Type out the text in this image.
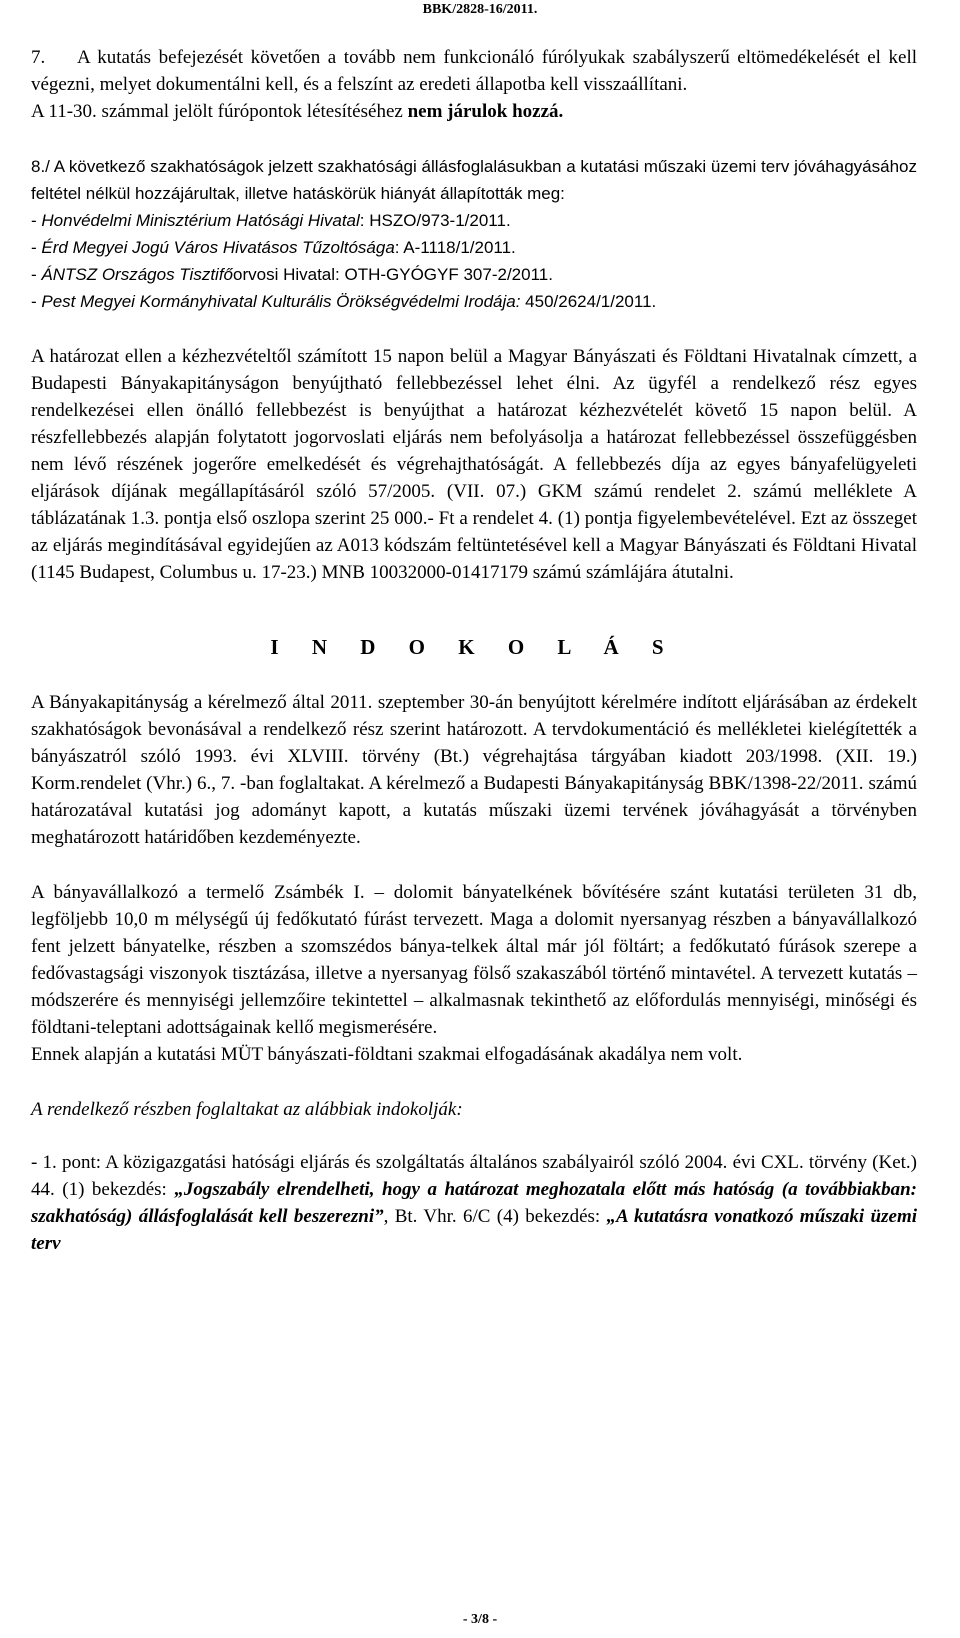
BBK/2828-16/2011.

7. A kutatás befejezését követően a tovább nem funkcionáló fúrólyukak szabályszerű eltömedékelését el kell végezni, melyet dokumentálni kell, és a felszínt az eredeti állapotba kell visszaállítani.

A 11-30. számmal jelölt fúrópontok létesítéséhez nem járulok hozzá.

8./ A következő szakhatóságok jelzett szakhatósági állásfoglalásukban a kutatási műszaki üzemi terv jóváhagyásához feltétel nélkül hozzájárultak, illetve hatáskörük hiányát állapították meg:

- Honvédelmi Minisztérium Hatósági Hivatal: HSZO/973-1/2011.

- Érd Megyei Jogú Város Hivatásos Tűzoltósága: A-1118/1/2011.

- ÁNTSZ Országos Tisztifőorvosi Hivatal: OTH-GYÓGYF 307-2/2011.

- Pest Megyei Kormányhivatal Kulturális Örökségvédelmi Irodája: 450/2624/1/2011.

A határozat ellen a kézhezvételtől számított 15 napon belül a Magyar Bányászati és Földtani Hivatalnak címzett, a Budapesti Bányakapitányságon benyújtható fellebbezéssel lehet élni. Az ügyfél a rendelkező rész egyes rendelkezései ellen önálló fellebbezést is benyújthat a határozat kézhezvételét követő 15 napon belül. A részfellebbezés alapján folytatott jogorvoslati eljárás nem befolyásolja a határozat fellebbezéssel összefüggésben nem lévő részének jogerőre emelkedését és végrehajthatóságát. A fellebbezés díja az egyes bányafelügyeleti eljárások díjának megállapításáról szóló 57/2005. (VII. 07.) GKM számú rendelet 2. számú melléklete A táblázatának 1.3. pontja első oszlopa szerint 25 000.- Ft a rendelet 4. (1) pontja figyelembevételével. Ezt az összeget az eljárás megindításával egyidejűen az A013 kódszám feltüntetésével kell a Magyar Bányászati és Földtani Hivatal (1145 Budapest, Columbus u. 17-23.) MNB 10032000-01417179 számú számlájára átutalni.

I N D O K O L Á S

A Bányakapitányság a kérelmező által 2011. szeptember 30-án benyújtott kérelmére indított eljárásában az érdekelt szakhatóságok bevonásával a rendelkező rész szerint határozott. A tervdokumentáció és mellékletei kielégítették a bányászatról szóló 1993. évi XLVIII. törvény (Bt.) végrehajtása tárgyában kiadott 203/1998. (XII. 19.) Korm.rendelet (Vhr.) 6., 7. -ban foglaltakat. A kérelmező a Budapesti Bányakapitányság BBK/1398-22/2011. számú határozatával kutatási jog adományt kapott, a kutatás műszaki üzemi tervének jóváhagyását a törvényben meghatározott határidőben kezdeményezte.

A bányavállalkozó a termelő Zsámbék I. – dolomit bányatelkének bővítésére szánt kutatási területen 31 db, legföljebb 10,0 m mélységű új fedőkutató fúrást tervezett. Maga a dolomit nyersanyag részben a bányavállalkozó fent jelzett bányatelke, részben a szomszédos bánya-telkek által már jól föltárt; a fedőkutató fúrások szerepe a fedővastagsági viszonyok tisztázása, illetve a nyersanyag fölső szakaszából történő mintavétel. A tervezett kutatás – módszerére és mennyiségi jellemzőire tekintettel – alkalmasnak tekinthető az előfordulás mennyiségi, minőségi és földtani-teleptani adottságainak kellő megismerésére.

Ennek alapján a kutatási MÜT bányászati-földtani szakmai elfogadásának akadálya nem volt.

A rendelkező részben foglaltakat az alábbiak indokolják:

- 1. pont: A közigazgatási hatósági eljárás és szolgáltatás általános szabályairól szóló 2004. évi CXL. törvény (Ket.) 44. (1) bekezdés: „Jogszabály elrendelheti, hogy a határozat meghozatala előtt más hatóság (a továbbiakban: szakhatóság) állásfoglalását kell beszerezni”, Bt. Vhr. 6/C (4) bekezdés: „A kutatásra vonatkozó műszaki üzemi terv

- 3/8 -
